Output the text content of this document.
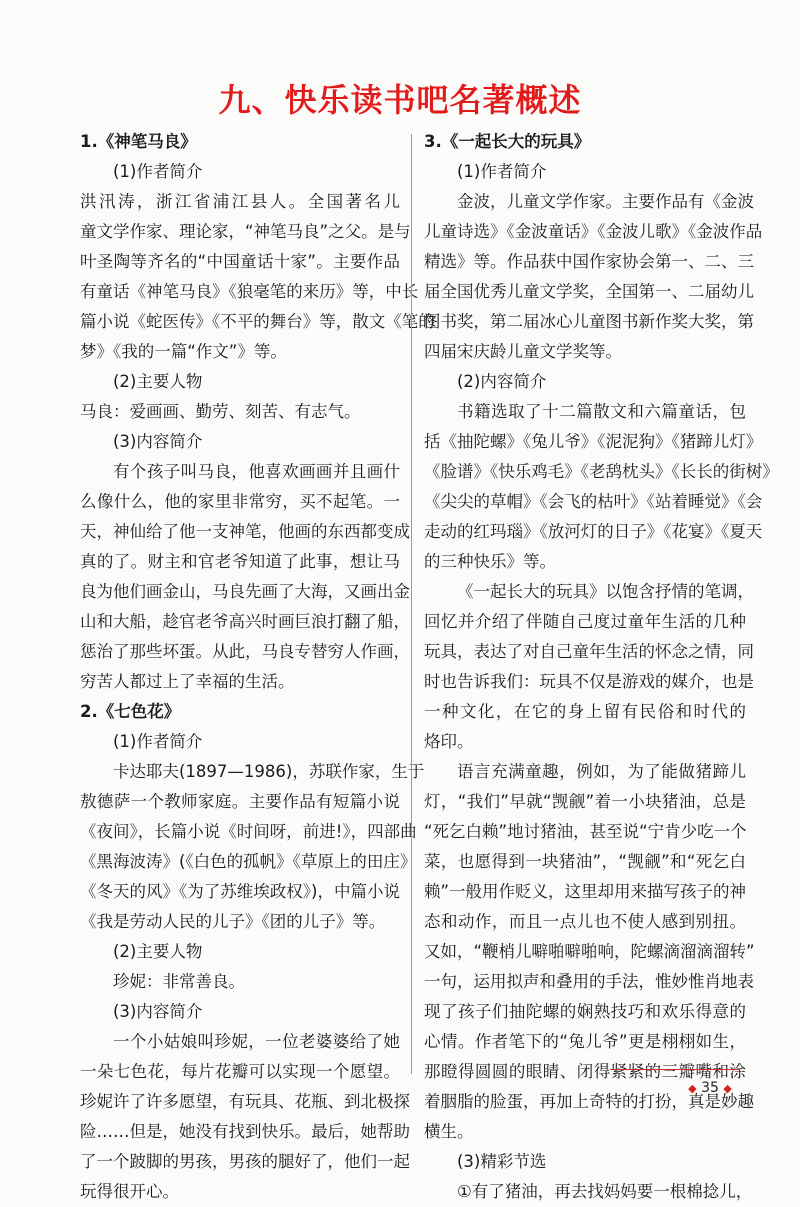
九、快乐读书吧名著概述
1.《神笔马良》
(1)作者简介
洪汛涛，浙江省浦江县人。全国著名儿
童文学作家、理论家，“神笔马良”之父。是与
叶圣陶等齐名的“中国童话十家”。主要作品
有童话《神笔马良》《狼毫笔的来历》等，中长
篇小说《蛇医传》《不平的舞台》等，散文《笔的
梦》《我的一篇“作文”》等。
(2)主要人物
马良：爱画画、勤劳、刻苦、有志气。
(3)内容简介
有个孩子叫马良，他喜欢画画并且画什
么像什么，他的家里非常穷，买不起笔。一
天，神仙给了他一支神笔，他画的东西都变成
真的了。财主和官老爷知道了此事，想让马
良为他们画金山，马良先画了大海，又画出金
山和大船，趁官老爷高兴时画巨浪打翻了船，
惩治了那些坏蛋。从此，马良专替穷人作画，
穷苦人都过上了幸福的生活。
2.《七色花》
(1)作者简介
卡达耶夫(1897—1986)，苏联作家，生于
敖德萨一个教师家庭。主要作品有短篇小说
《夜间》，长篇小说《时间呀，前进!》，四部曲
《黑海波涛》(《白色的孤帆》《草原上的田庄》
《冬天的风》《为了苏维埃政权》)，中篇小说
《我是劳动人民的儿子》《团的儿子》等。
(2)主要人物
珍妮：非常善良。
(3)内容简介
一个小姑娘叫珍妮，一位老婆婆给了她
一朵七色花，每片花瓣可以实现一个愿望。
珍妮许了许多愿望，有玩具、花瓶、到北极探
险……但是，她没有找到快乐。最后，她帮助
了一个跛脚的男孩，男孩的腿好了，他们一起
玩得很开心。
3.《一起长大的玩具》
(1)作者简介
金波，儿童文学作家。主要作品有《金波
儿童诗选》《金波童话》《金波儿歌》《金波作品
精选》等。作品获中国作家协会第一、二、三
届全国优秀儿童文学奖，全国第一、二届幼儿
图书奖，第二届冰心儿童图书新作奖大奖，第
四届宋庆龄儿童文学奖等。
(2)内容简介
书籍选取了十二篇散文和六篇童话，包
括《抽陀螺》《兔儿爷》《泥泥狗》《猪蹄儿灯》
《脸谱》《快乐鸡毛》《老鸹枕头》《长长的街树》
《尖尖的草帽》《会飞的枯叶》《站着睡觉》《会
走动的红玛瑙》《放河灯的日子》《花宴》《夏天
的三种快乐》等。
《一起长大的玩具》以饱含抒情的笔调，
回忆并介绍了伴随自己度过童年生活的几种
玩具，表达了对自己童年生活的怀念之情，同
时也告诉我们：玩具不仅是游戏的媒介，也是
一种文化，在它的身上留有民俗和时代的
烙印。
语言充满童趣，例如，为了能做猪蹄儿
灯，“我们”早就“觊觎”着一小块猪油，总是
“死乞白赖”地讨猪油，甚至说“宁肯少吃一个
菜，也愿得到一块猪油”，“觊觎”和“死乞白
赖”一般用作贬义，这里却用来描写孩子的神
态和动作，而且一点儿也不使人感到别扭。
又如，“鞭梢儿噼啪噼啪响，陀螺滴溜滴溜转”
一句，运用拟声和叠用的手法，惟妙惟肖地表
现了孩子们抽陀螺的娴熟技巧和欢乐得意的
心情。作者笔下的“兔儿爷”更是栩栩如生，
那瞪得圆圆的眼睛、闭得紧紧的三瓣嘴和涂
着胭脂的脸蛋，再加上奇特的打扮，真是妙趣
横生。
(3)精彩节选
①有了猪油，再去找妈妈要一根棉捻儿，
◆ 35 ◆
